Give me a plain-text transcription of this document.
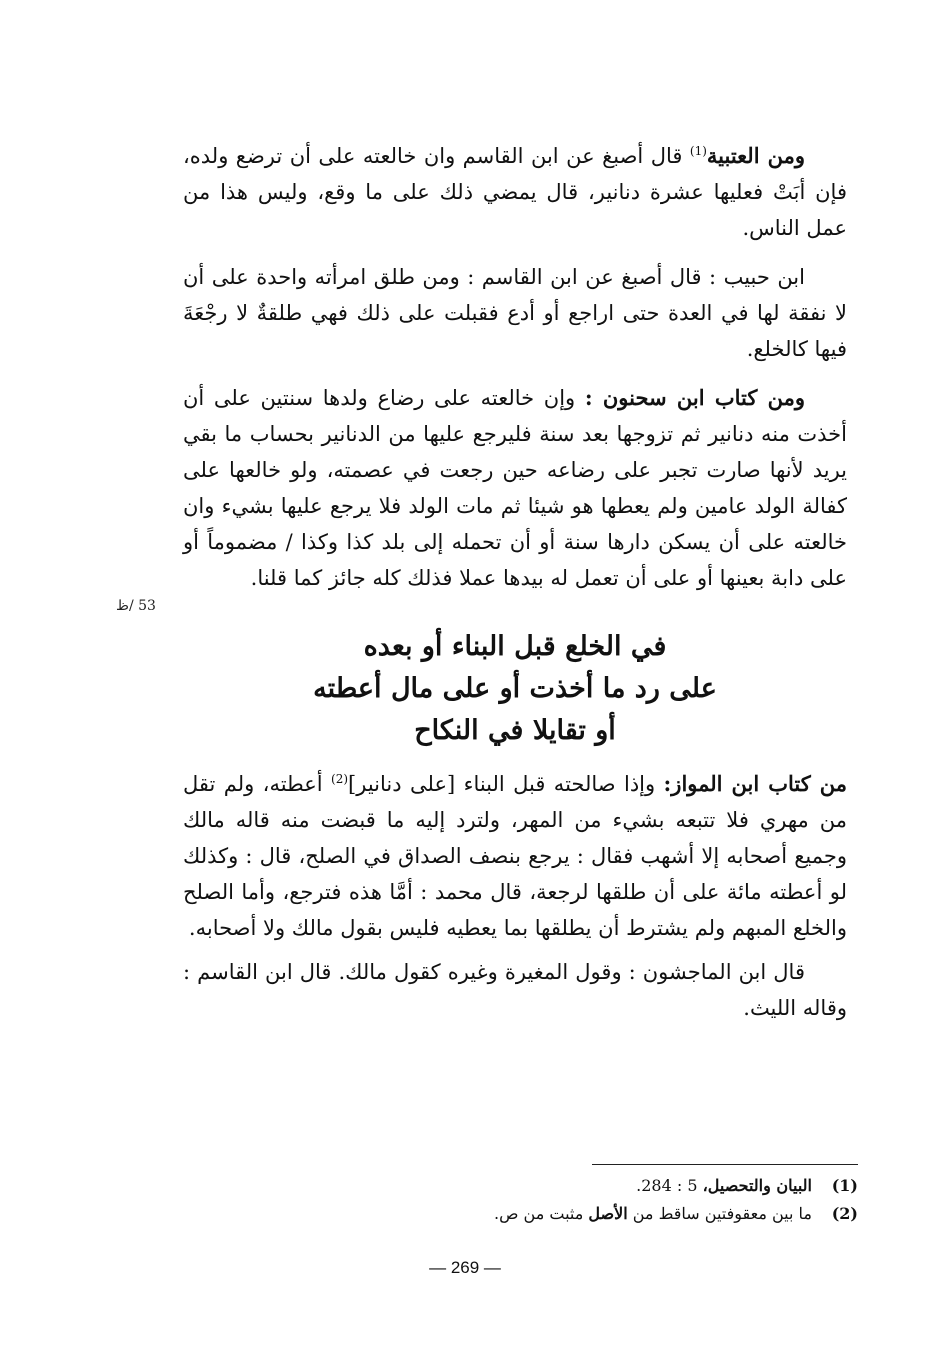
ومن العتبية$^{(1)}$ قال أصبغ عن ابن القاسم وان خالعته على أن ترضع ولده، فإن أبَتْ فعليها عشرة دنانير، قال يمضي ذلك على ما وقع، وليس هذا من عمل الناس.

ابن حبيب : قال أصبغ عن ابن القاسم : ومن طلق امرأته واحدة على أن لا نفقة لها في العدة حتى اراجع أو أدع فقبلت على ذلك فهي طلقةٌ لا رجْعَةَ فيها كالخلع.

ومن كتاب ابن سحنون : وإن خالعته على رضاع ولدها سنتين على أن أخذت منه دنانير ثم تزوجها بعد سنة فليرجع عليها من الدنانير بحساب ما بقي يريد لأنها صارت تجبر على رضاعه حين رجعت في عصمته، ولو خالعها على كفالة الولد عامين ولم يعطها هو شيئا ثم مات الولد فلا يرجع عليها بشيء وان خالعته على أن يسكن دارها سنة أو أن تحمله إلى بلد كذا وكذا / مضموماً أو على دابة بعينها أو على أن تعمل له بيدها عملا فذلك كله جائز كما قلنا.

في الخلع قبل البناء أو بعده
على رد ما أخذت أو على مال أعطته
أو تقايلا في النكاح

من كتاب ابن المواز: وإذا صالحته قبل البناء [على دنانير]$^{(2)}$ أعطته، ولم تقل من مهري فلا تتبعه بشيء من المهر، ولترد إليه ما قبضت منه قاله مالك وجميع أصحابه إلا أشهب فقال : يرجع بنصف الصداق في الصلح، قال : وكذلك لو أعطته مائة على أن طلقها لرجعة، قال محمد : أمَّا هذه فترجع، وأما الصلح والخلع المبهم ولم يشترط أن يطلقها بما يعطيه فليس بقول مالك ولا أصحابه.

قال ابن الماجشون : وقول المغيرة وغيره كقول مالك. قال ابن القاسم : وقاله الليث.

53 /ظ
(1)
البيان والتحصيل، 5 : 284.
(2)
ما بين معقوفتين ساقط من الأصل مثبت من ص.
— 269 —
